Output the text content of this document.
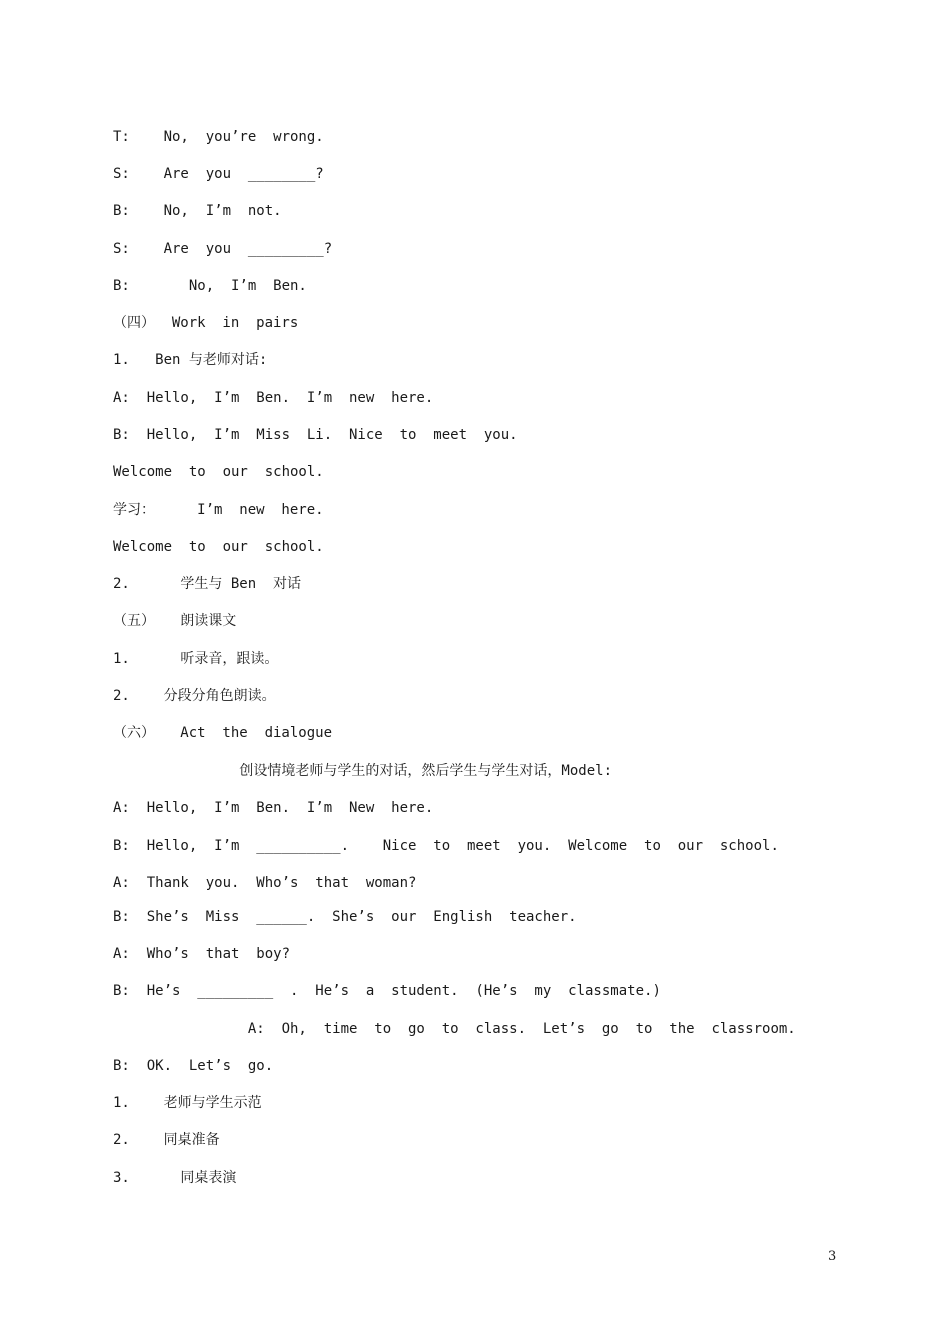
T:    No,  you’re  wrong.
S:    Are  you  ________?
B:    No,  I’m  not.
S:    Are  you  _________?
B:       No,  I’m  Ben.
（四）  Work  in  pairs
1.   Ben 与老师对话:
A:  Hello,  I’m  Ben.  I’m  new  here.
B:  Hello,  I’m  Miss  Li.  Nice  to  meet  you.
Welcome  to  our  school.
学习：     I’m  new  here.
Welcome  to  our  school.
2.      学生与 Ben  对话
（五）   朗读课文
1.      听录音，跟读。
2.    分段分角色朗读。
（六）   Act  the  dialogue
创设情境老师与学生的对话，然后学生与学生对话，Model:
A:  Hello,  I’m  Ben.  I’m  New  here.
B:  Hello,  I’m  __________.    Nice  to  meet  you.  Welcome  to  our  school.
A:  Thank  you.  Who’s  that  woman?
B:  She’s  Miss  ______.  She’s  our  English  teacher.
A:  Who’s  that  boy?
B:  He’s  _________  .  He’s  a  student.  (He’s  my  classmate.)
A:  Oh,  time  to  go  to  class.  Let’s  go  to  the  classroom.
B:  OK.  Let’s  go.
1.    老师与学生示范
2.    同桌准备
3.      同桌表演
3
